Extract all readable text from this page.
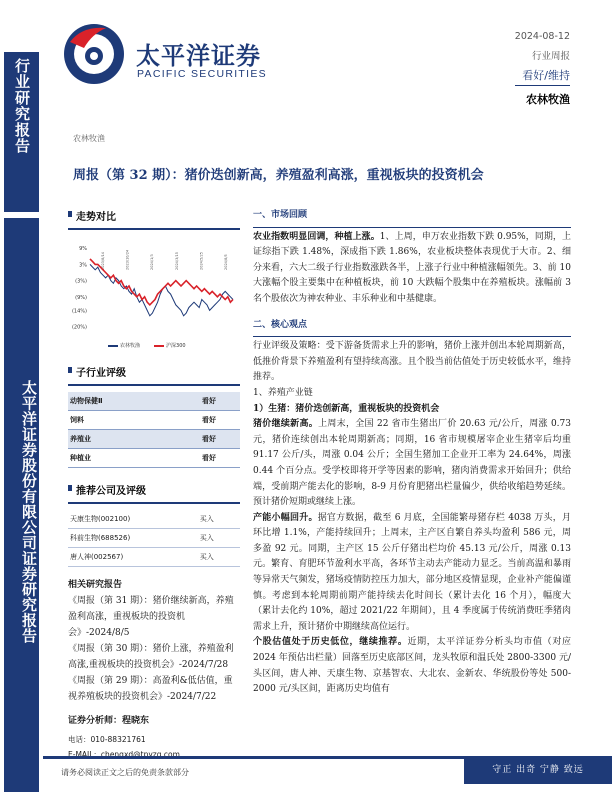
行业研究报告
太平洋证券股份有限公司证券研究报告
太平洋证券
PACIFIC SECURITIES
2024-08-12
行业周报
看好/维持
农林牧渔
农林牧渔
周报（第 32 期）：猪价迭创新高，养殖盈利高涨，重视板块的投资机会
走势对比
9%
3%
(3%)
(9%)
(14%)
(20%)
2023/8/14	2023/10/24	2024/1/3	2024/3/15	2024/5/25	2024/8/5
农林牧渔	沪深300
子行业评级
动物保健Ⅱ	看好
饲料	看好
养殖业	看好
种植业	看好
推荐公司及评级
天康生物(002100)	买入
科前生物(688526)	买入
唐人神(002567)	买入
相关研究报告
《周报（第 31 期）：猪价继续新高，养殖盈利高涨，重视板块的投资机会》-2024/8/5
《周报（第 30 期）：猪价上涨，养殖盈利高涨,重视板块的投资机会》-2024/7/28
《周报（第 29 期）：高盈利&低估值，重视养殖板块的投资机会》-2024/7/22
证券分析师：程晓东
电话：010-88321761
E-MAIL：chengxd@tpyzq.com
一、市场回顾
农业指数明显回调，种植上涨。1、上周，申万农业指数下跌 0.95%，同期，上证综指下跌 1.48%，深成指下跌 1.86%，农业板块整体表现优于大市。2、细分来看，六大二级子行业指数涨跌各半，上涨子行业中种植涨幅领先。3、前 10 大涨幅个股主要集中在种植板块，前 10 大跌幅个股集中在养殖板块。涨幅前 3 名个股依次为神农种业、丰乐种业和中基健康。
二、核心观点
行业评级及策略：受下游备货需求上升的影响，猪价上涨并创出本轮周期新高，低推价背景下养殖盈利有望持续高涨。且个股当前估值处于历史较低水平，维持推荐。
1、养殖产业链
1）生猪：猪价迭创新高，重视板块的投资机会
猪价继续新高。上周末，全国 22 省市生猪出厂价 20.63 元/公斤，周涨 0.73 元，猪价连续创出本轮周期新高；同期，16 省市规模屠宰企业生猪宰后均重 91.17 公斤/头，周涨 0.04 公斤；全国生猪加工企业开工率为 24.64%，周涨 0.44 个百分点。受学校即将开学等因素的影响，猪肉消费需求开始回升；供给端，受前期产能去化的影响，8-9 月份育肥猪出栏量偏少，供给收缩趋势延续。预计猪价短期或继续上涨。
产能小幅回升。据官方数据，截至 6 月底，全国能繁母猪存栏 4038 万头，月环比增 1.1%，产能持续回升；上周末，主产区自繁自养头均盈利 586 元，周多盈 92 元。同期，主产区 15 公斤仔猪出栏均价 45.13 元/公斤，周涨 0.13 元。繁育、育肥环节盈利水平高，各环节主动去产能动力显乏。当前高温和暴雨等异常天气频发，猪场疫情防控压力加大，部分地区疫情显现，企业补产能偏谨慎。考虑到本轮周期前期产能持续去化时间长（累计去化 16 个月），幅度大（累计去化约 10%，超过 2021/22 年期间），且 4 季度属于传统消费旺季猪肉需求上升，预计猪价中期继续高位运行。
个股估值处于历史低位，继续推荐。近期，太平洋证券分析头均市值（对应 2024 年预估出栏量）回落至历史底部区间，龙头牧原和温氏处 2800-3300 元/头区间，唐人神、天康生物、京基智农、大北农、金新农、华统股份等处 500-2000 元/头区间，距离历史均值有
请务必阅读正文之后的免责条款部分	守正 出奇 宁静 致远
